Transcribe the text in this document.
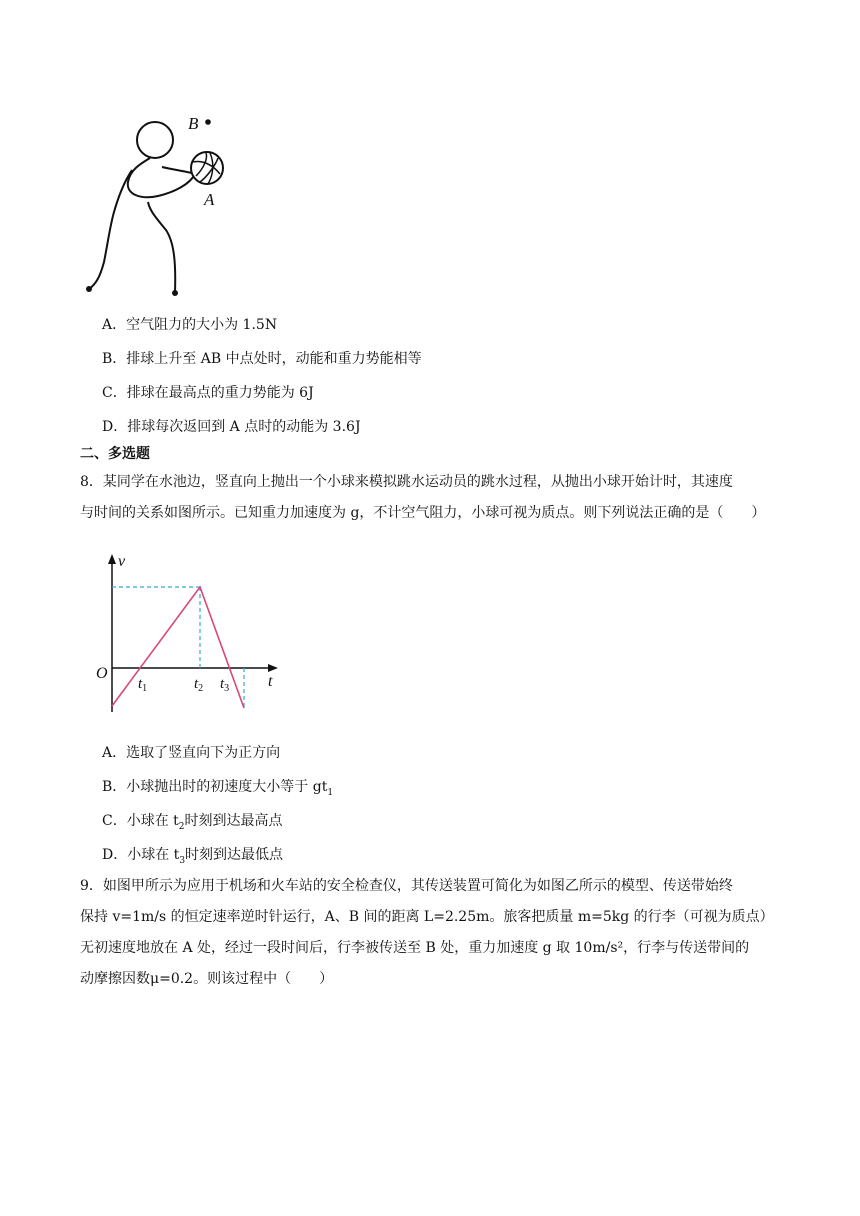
B
A
A．空气阻力的大小为 1.5N
B．排球上升至 AB 中点处时，动能和重力势能相等
C．排球在最高点的重力势能为 6J
D．排球每次返回到 A 点时的动能为 3.6J
二、多选题
8．某同学在水池边，竖直向上抛出一个小球来模拟跳水运动员的跳水过程，从抛出小球开始计时，其速度
与时间的关系如图所示。已知重力加速度为 g，不计空气阻力，小球可视为质点。则下列说法正确的是（　　）
v
O
$t_1$	$t_2$ $t_3$ t
A．选取了竖直向下为正方向
B．小球抛出时的初速度大小等于 $gt_1$
C．小球在 $t_2$时刻到达最高点
D．小球在 $t_3$时刻到达最低点
9．如图甲所示为应用于机场和火车站的安全检查仪，其传送装置可简化为如图乙所示的模型、传送带始终
保持 v=1m/s 的恒定速率逆时针运行，A、B 间的距离 L=2.25m。旅客把质量 m=5kg 的行李（可视为质点）
无初速度地放在 A 处，经过一段时间后，行李被传送至 B 处，重力加速度 g 取 10m/s²，行李与传送带间的
动摩擦因数μ=0.2。则该过程中（　　）
